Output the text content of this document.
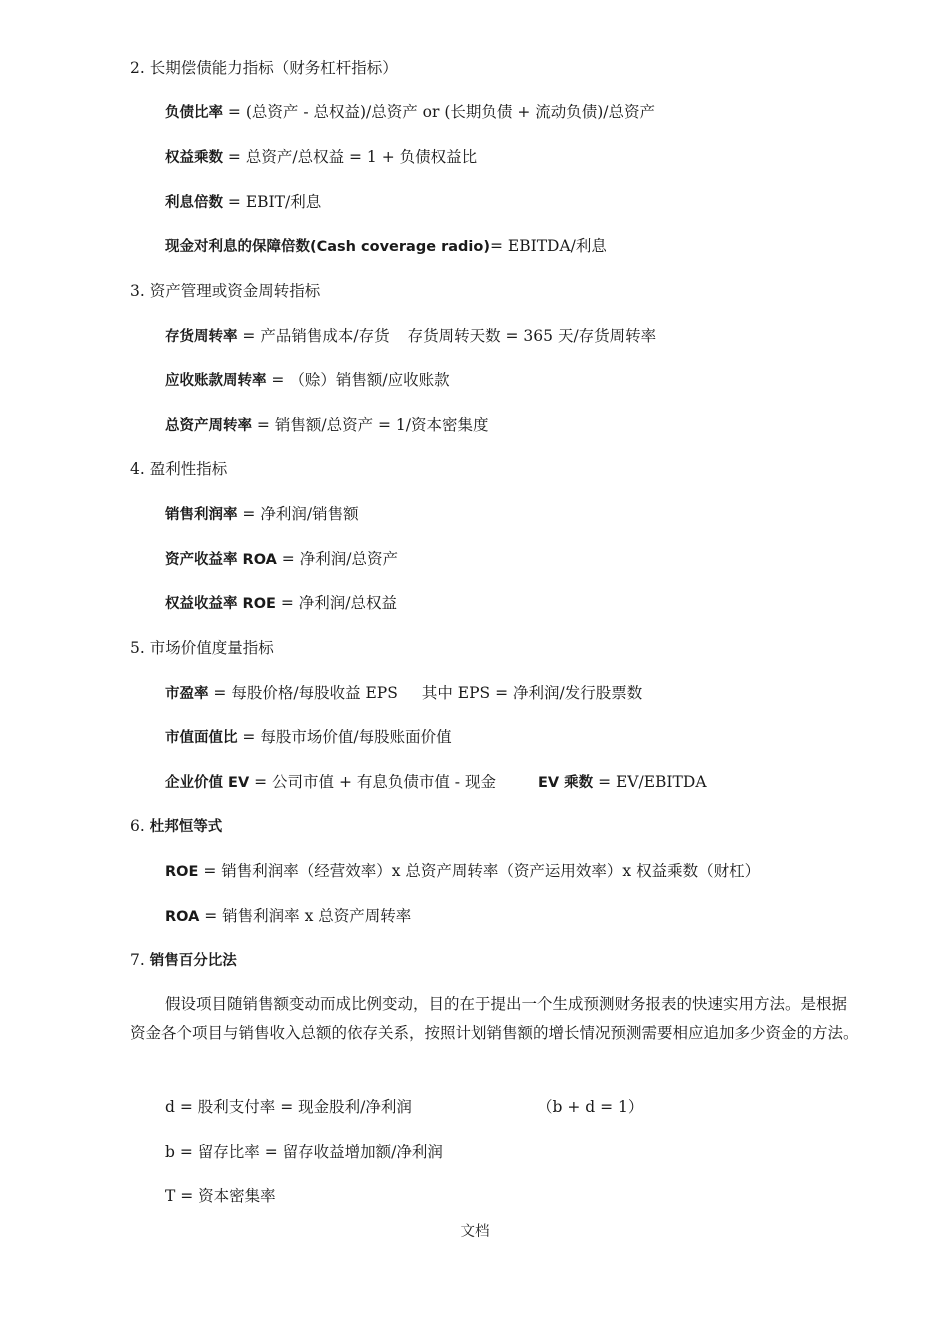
2. 长期偿债能力指标（财务杠杆指标）
负债比率 = (总资产 - 总权益)/总资产 or (长期负债 + 流动负债)/总资产
权益乘数 = 总资产/总权益 = 1 + 负债权益比
利息倍数 = EBIT/利息
现金对利息的保障倍数(Cash coverage radio)= EBITDA/利息
3. 资产管理或资金周转指标
存货周转率 = 产品销售成本/存货 存货周转天数 = 365 天/存货周转率
应收账款周转率 = （赊）销售额/应收账款
总资产周转率 = 销售额/总资产 = 1/资本密集度
4. 盈利性指标
销售利润率 = 净利润/销售额
资产收益率 ROA = 净利润/总资产
权益收益率 ROE = 净利润/总权益
5. 市场价值度量指标
市盈率 = 每股价格/每股收益 EPS 其中 EPS = 净利润/发行股票数
市值面值比 = 每股市场价值/每股账面价值
企业价值 EV = 公司市值 + 有息负债市值 - 现金	EV 乘数 = EV/EBITDA
6. 杜邦恒等式
ROE = 销售利润率（经营效率）x 总资产周转率（资产运用效率）x 权益乘数（财杠）
ROA = 销售利润率 x 总资产周转率
7. 销售百分比法
假设项目随销售额变动而成比例变动，目的在于提出一个生成预测财务报表的快速实用方法。是根据资金各个项目与销售收入总额的依存关系，按照计划销售额的增长情况预测需要相应追加多少资金的方法。
d = 股利支付率 = 现金股利/净利润	（b + d = 1）
b = 留存比率 = 留存收益增加额/净利润
T = 资本密集率
文档
